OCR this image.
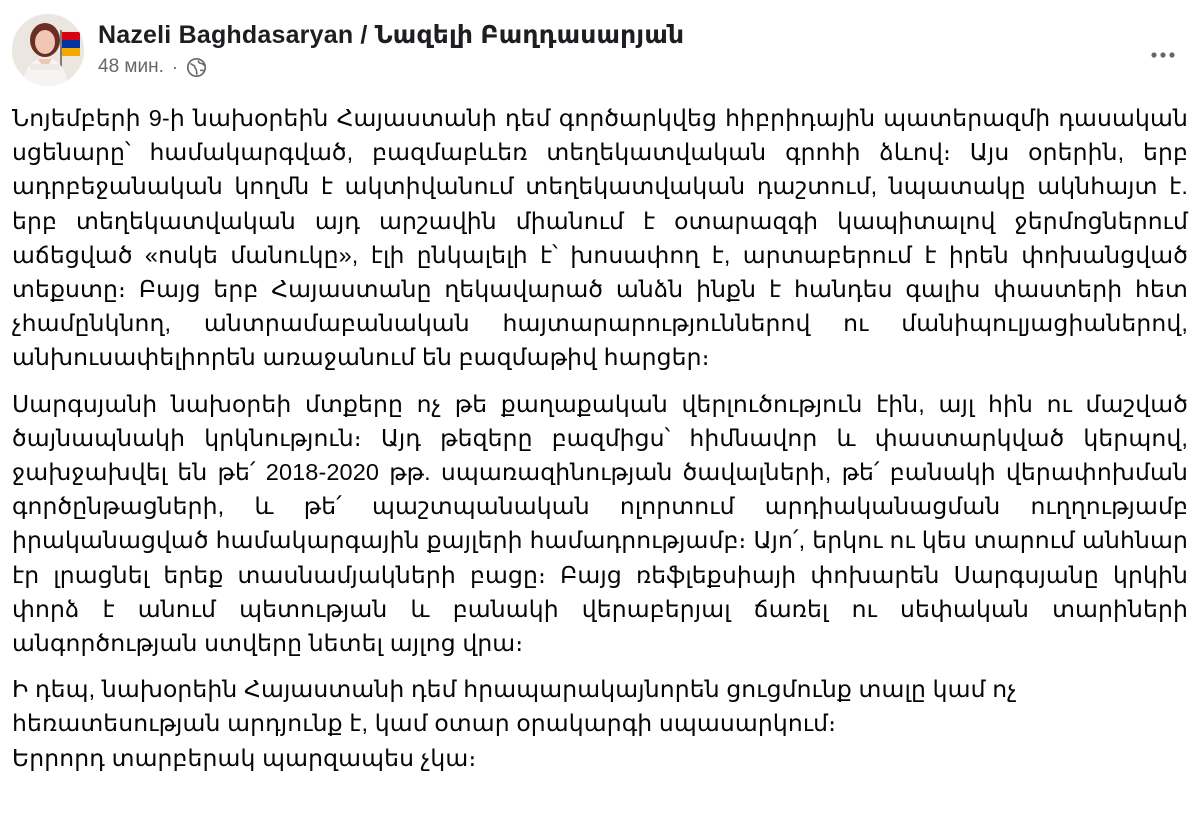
Nazeli Baghdasaryan / Նազելի Բաղդասարյան
48 мин. ·

Նոյեմբերի 9-ի նախօրեին Հայաստանի դեմ գործարկվեց հիբրիդային պատերազմի դասական սցենարը՝ համակարգված, բազմաբևեռ տեղեկատվական գրոհի ձևով։ Այս օրերին, երբ ադրբեջանական կողմն է ակտիվանում տեղեկատվական դաշտում, նպատակը ակնհայտ է. երբ տեղեկատվական այդ արշավին միանում է օտարազգի կապիտալով ջերմոցներում աճեցված «ոսկե մանուկը», էլի ընկալելի է՝ խոսափող է, արտաբերում է իրեն փոխանցված տեքստը։ Բայց երբ Հայաստանը ղեկավարած անձն ինքն է հանդես գալիս փաստերի հետ չհամընկնող, անտրամաբանական հայտարարություններով ու մանիպուլյացիաներով, անխուսափելիորեն առաջանում են բազմաթիվ հարցեր։

Սարգսյանի նախօրեի մտքերը ոչ թե քաղաքական վերլուծություն էին, այլ հին ու մաշված ծայնապնակի կրկնություն։ Այդ թեզերը բազմիցս՝ հիմնավոր և փաստարկված կերպով, ջախջախվել են թե՛ 2018-2020 թթ. սպառազինության ծավալների, թե՛ բանակի վերափոխման գործընթացների, և թե՛ պաշտպանական ոլորտում արդիականացման ուղղությամբ իրականացված համակարգային քայլերի համադրությամբ։ Այո՛, երկու ու կես տարում անհնար էր լրացնել երեք տասնամյակների բացը։ Բայց ռեֆլեքսիայի փոխարեն Սարգսյանը կրկին փորձ է անում պետության և բանակի վերաբերյալ ճառել ու սեփական տարիների անգործության ստվերը նետել այլոց վրա։

Ի դեպ, նախօրեին Հայաստանի դեմ հրապարակայնորեն ցուցմունք տալը կամ ոչ հեռատեսության արդյունք է, կամ օտար օրակարգի սպասարկում։

Երրորդ տարբերակ պարզապես չկա։
